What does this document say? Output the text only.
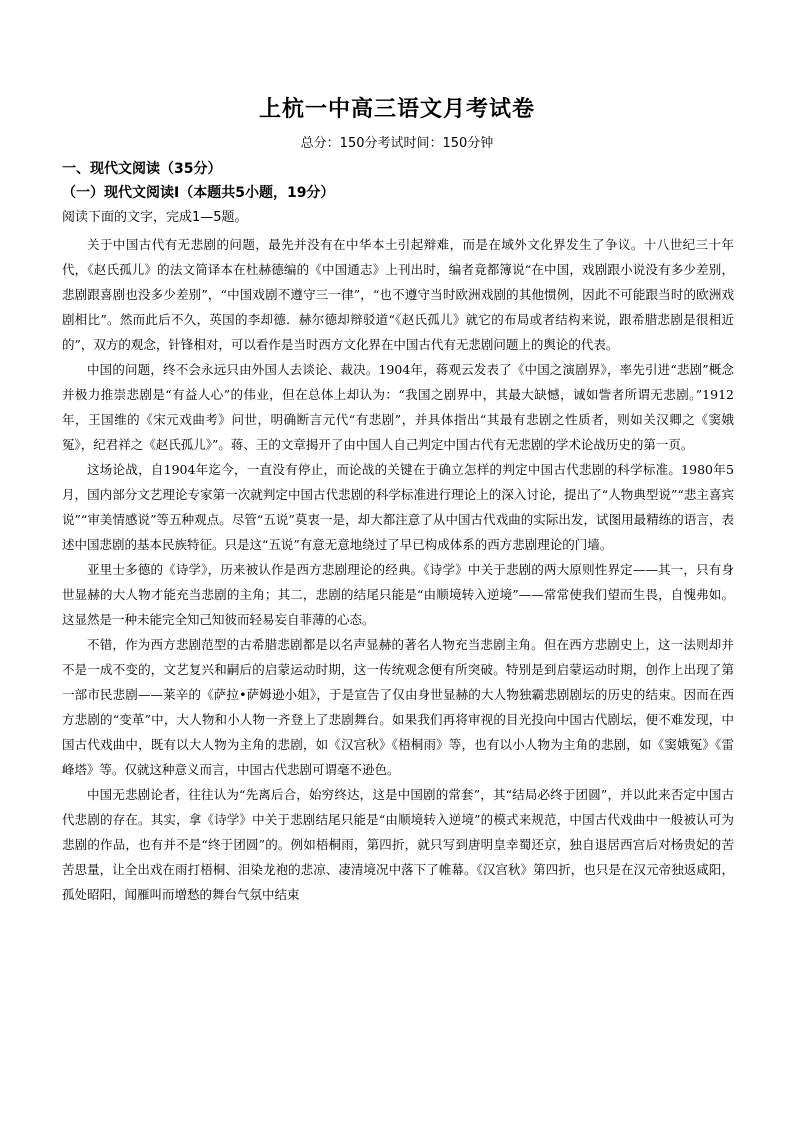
上杭一中高三语文月考试卷
总分：150分考试时间：150分钟
一、现代文阅读（35分）
（一）现代文阅读Ⅰ（本题共5小题，19分）
阅读下面的文字，完成1—5题。

关于中国古代有无悲剧的问题，最先并没有在中华本土引起辩难，而是在域外文化界发生了争议。十八世纪三十年代，《赵氏孤儿》的法文简译本在杜赫德编的《中国通志》上刊出时，编者竟都簿说“在中国，戏剧跟小说没有多少差别，悲剧跟喜剧也没多少差别”，“中国戏剧不遵守三一律”，“也不遵守当时欧洲戏剧的其他惯例，因此不可能跟当时的欧洲戏剧相比”。然而此后不久，英国的李却德．赫尔德却辩驳道“《赵氏孤儿》就它的布局或者结构来说，跟希腊悲剧是很相近的”，双方的观念，针锋相对，可以看作是当时西方文化界在中国古代有无悲剧问题上的舆论的代表。

中国的问题，终不会永远只由外国人去谈论、裁决。1904年，蒋观云发表了《中国之演剧界》，率先引进“悲剧”概念并极力推崇悲剧是“有益人心”的伟业，但在总体上却认为：“我国之剧界中，其最大缺憾，诚如訾者所谓无悲剧。”1912年，王国维的《宋元戏曲考》问世，明确断言元代“有悲剧”，并具体指出“其最有悲剧之性质者，则如关汉卿之《窦娥冤》，纪君祥之《赵氏孤儿》”。蒋、王的文章揭开了由中国人自己判定中国古代有无悲剧的学术论战历史的第一页。

这场论战，自1904年迄今，一直没有停止，而论战的关键在于确立怎样的判定中国古代悲剧的科学标准。1980年5月，国内部分文艺理论专家第一次就判定中国古代悲剧的科学标准进行理论上的深入讨论，提出了“人物典型说”“悲主喜宾说”“审美情感说”等五种观点。尽管“五说”莫衷一是，却大都注意了从中国古代戏曲的实际出发，试图用最精练的语言，表述中国悲剧的基本民族特征。只是这“五说”有意无意地绕过了早已构成体系的西方悲剧理论的门墙。

亚里士多德的《诗学》，历来被认作是西方悲剧理论的经典。《诗学》中关于悲剧的两大原则性界定——其一，只有身世显赫的大人物才能充当悲剧的主角；其二，悲剧的结尾只能是“由顺境转入逆境”——常常使我们望而生畏，自愧弗如。这显然是一种未能完全知己知彼而轻易妄自菲薄的心态。

不错，作为西方悲剧范型的古希腊悲剧都是以名声显赫的著名人物充当悲剧主角。但在西方悲剧史上，这一法则却并不是一成不变的，文艺复兴和嗣后的启蒙运动时期，这一传统观念便有所突破。特别是到启蒙运动时期，创作上出现了第一部市民悲剧——莱辛的《萨拉•萨姆逊小姐》，于是宣告了仅由身世显赫的大人物独霸悲剧剧坛的历史的结束。因而在西方悲剧的“变革”中，大人物和小人物一齐登上了悲剧舞台。如果我们再将审视的目光投向中国古代剧坛，便不难发现，中国古代戏曲中，既有以大人物为主角的悲剧，如《汉宫秋》《梧桐雨》等，也有以小人物为主角的悲剧，如《窦娥冤》《雷峰塔》等。仅就这种意义而言，中国古代悲剧可谓毫不逊色。

中国无悲剧论者，往往认为“先离后合，始穷终达，这是中国剧的常套”，其“结局必终于团圆”，并以此来否定中国古代悲剧的存在。其实，拿《诗学》中关于悲剧结尾只能是“由顺境转入逆境”的模式来规范，中国古代戏曲中一般被认可为悲剧的作品，也有并不是“终于团圆”的。例如梧桐雨，第四折，就只写到唐明皇幸蜀还京，独自退居西宫后对杨贵妃的苦苦思量，让全出戏在雨打梧桐、泪染龙袍的悲凉、凄清境况中落下了帷幕。《汉宫秋》第四折，也只是在汉元帝独返咸阳，孤处昭阳，闻雁叫而增愁的舞台气氛中结束
